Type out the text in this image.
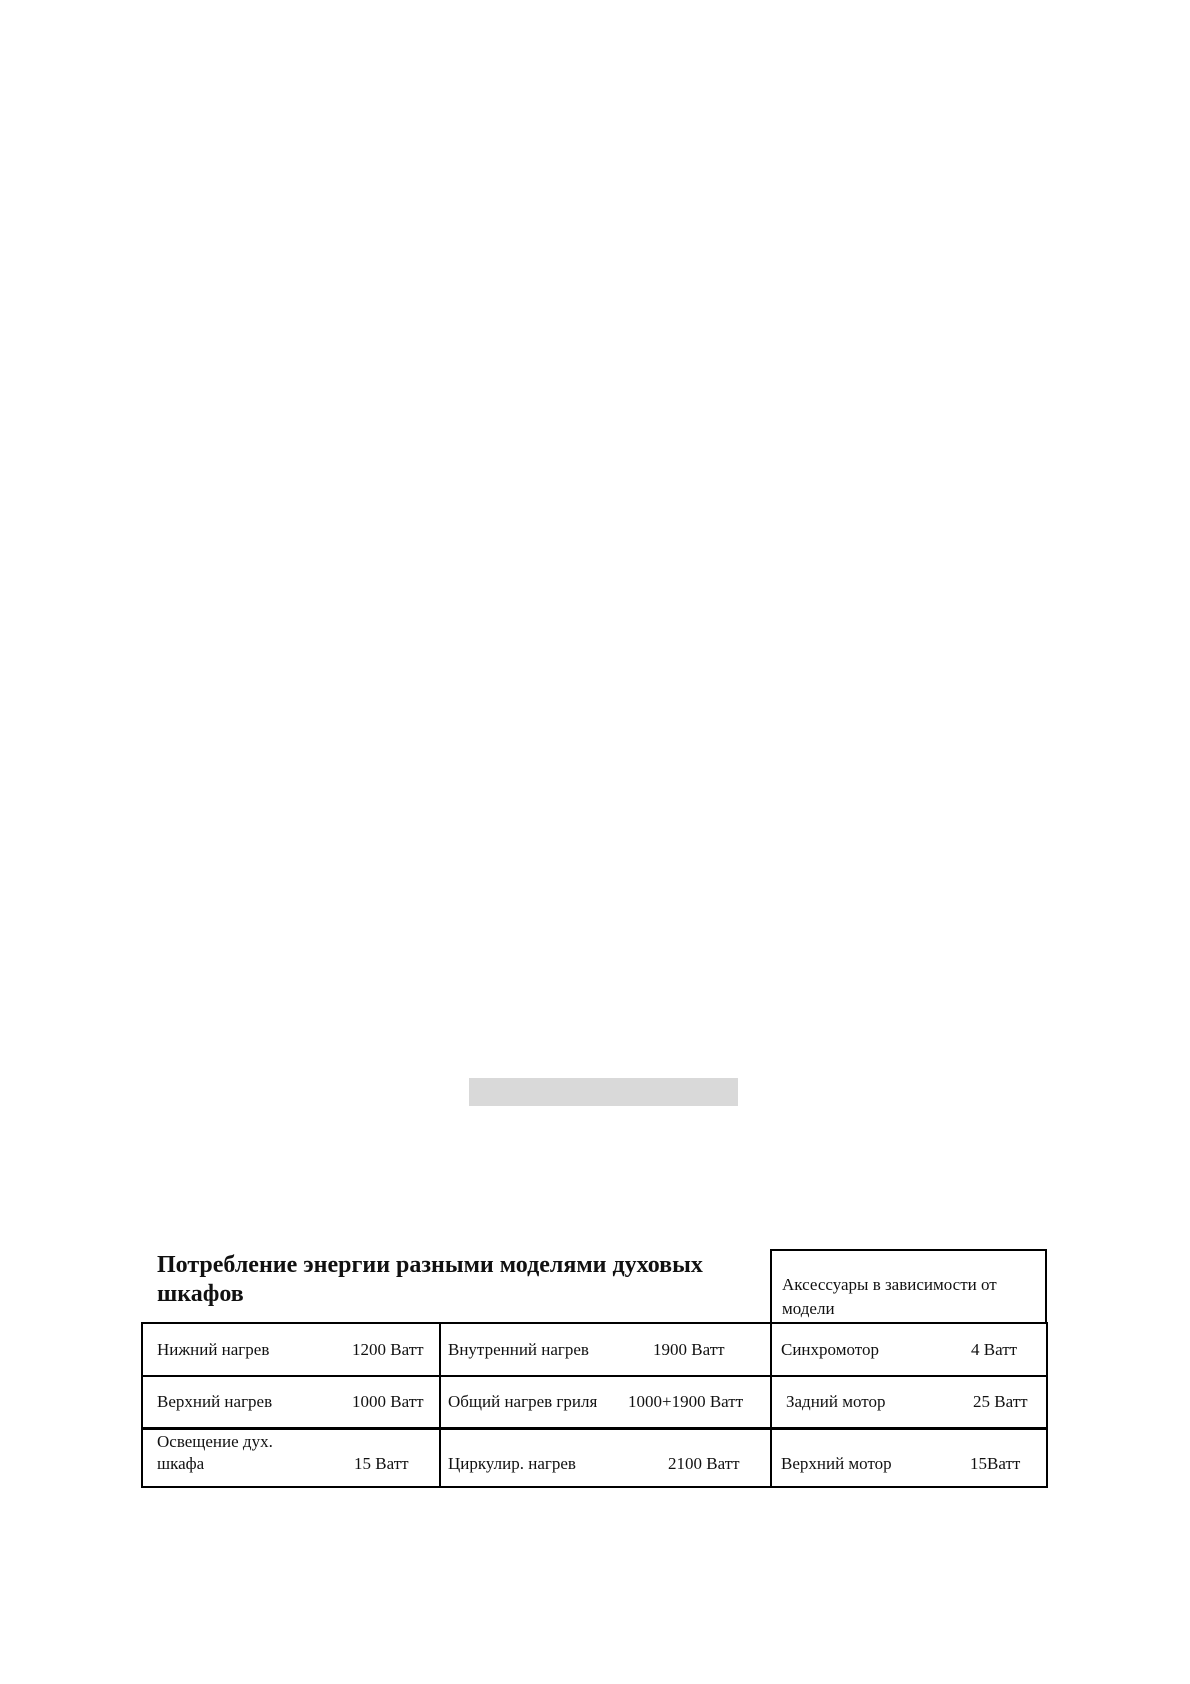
Потребление энергии разными моделями духовых шкафов	Аксессуары в зависимости от модели
Нижний нагрев	1200 Ватт Внутренний нагрев	1900 Ватт	Синхромотор	4 Ватт
Верхний нагрев	1000 Ватт Общий нагрев гриля 1000+1900 Ватт	Задний мотор	25 Ватт
Освещение дух. шкафа	15 Ватт Циркулир. нагрев	2100 Ватт Верхний мотор	15Ватт
